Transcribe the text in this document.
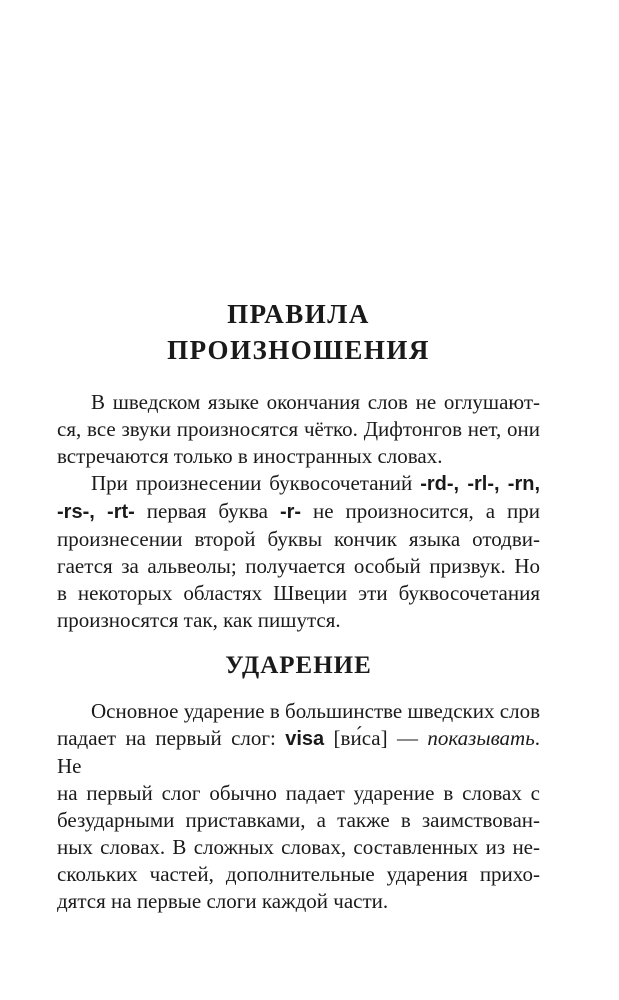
ПРАВИЛА
ПРОИЗНОШЕНИЯ
В шведском языке окончания слов не оглушают-
ся, все звуки произносятся чётко. Дифтонгов нет, они
встречаются только в иностранных словах.
При произнесении буквосочетаний -rd-, -rl-, -rn,
-rs-, -rt- первая буква -r- не произносится, а при
произнесении второй буквы кончик языка отодви-
гается за альвеолы; получается особый призвук. Но
в некоторых областях Швеции эти буквосочетания
произносятся так, как пишутся.
УДАРЕНИЕ
Основное ударение в большинстве шведских слов
падает на первый слог: visa [ви́са] — показывать. Не
на первый слог обычно падает ударение в словах с
безударными приставками, а также в заимствован-
ных словах. В сложных словах, составленных из не-
скольких частей, дополнительные ударения прихо-
дятся на первые слоги каждой части.
